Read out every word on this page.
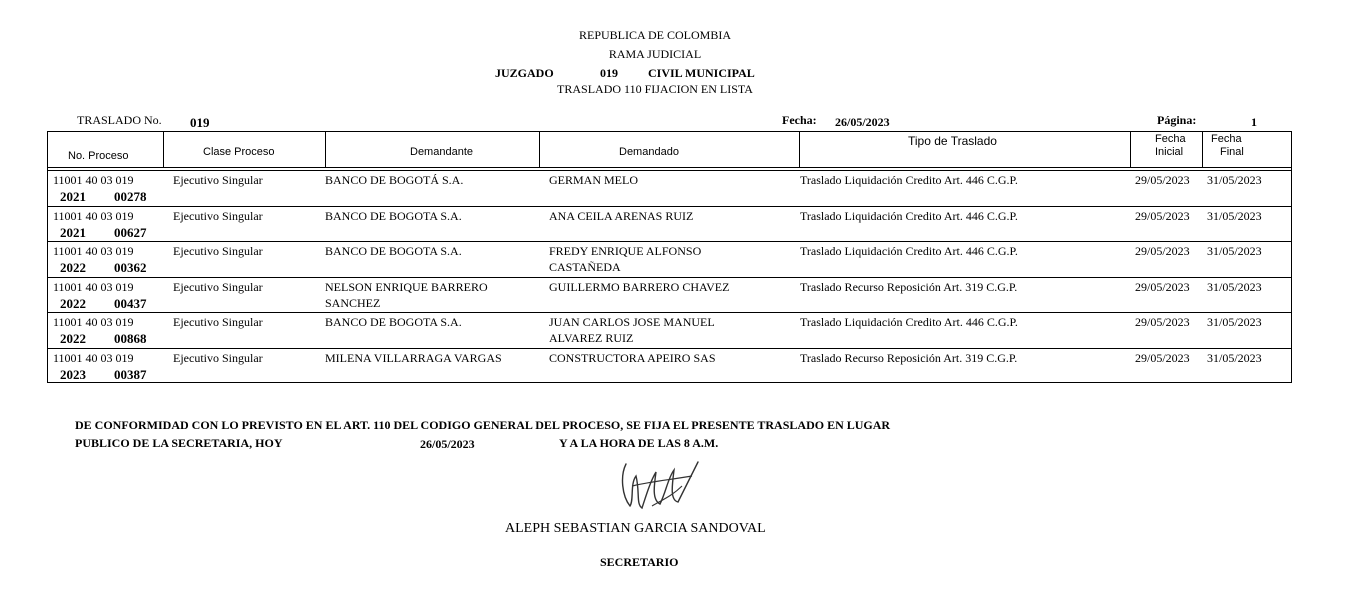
REPUBLICA DE COLOMBIA
RAMA JUDICIAL
JUZGADO	019	CIVIL MUNICIPAL
TRASLADO 110 FIJACION EN LISTA
TRASLADO No. 019	Fecha: 26/05/2023	Página:	1
No. Proceso	Clase Proceso	Demandante	Demandado
Tipo de Traslado	Fecha
Inicial
Fecha
Final
11001 40 03 019
2021 00278
Ejecutivo Singular	BANCO DE BOGOTÁ S.A.	GERMAN MELO	Traslado Liquidación Credito Art. 446 C.G.P.	29/05/2023 31/05/2023
11001 40 03 019
2021 00627
Ejecutivo Singular	BANCO DE BOGOTA S.A.	ANA CEILA ARENAS RUIZ	Traslado Liquidación Credito Art. 446 C.G.P.	29/05/2023 31/05/2023
11001 40 03 019
2022 00362
Ejecutivo Singular	BANCO DE BOGOTA S.A.	FREDY ENRIQUE ALFONSO
CASTAÑEDA
Traslado Liquidación Credito Art. 446 C.G.P.	29/05/2023 31/05/2023
11001 40 03 019
2022 00437
Ejecutivo Singular	NELSON ENRIQUE BARRERO
SANCHEZ
GUILLERMO BARRERO CHAVEZ	Traslado Recurso Reposición Art. 319 C.G.P.	29/05/2023 31/05/2023
11001 40 03 019
2022 00868
Ejecutivo Singular	BANCO DE BOGOTA S.A.	JUAN CARLOS JOSE MANUEL
ALVAREZ RUIZ
Traslado Liquidación Credito Art. 446 C.G.P.	29/05/2023 31/05/2023
11001 40 03 019
2023 00387
Ejecutivo Singular	MILENA VILLARRAGA VARGAS	CONSTRUCTORA APEIRO SAS	Traslado Recurso Reposición Art. 319 C.G.P.	29/05/2023 31/05/2023
DE CONFORMIDAD CON LO PREVISTO EN EL ART. 110 DEL CODIGO GENERAL DEL PROCESO, SE FIJA EL PRESENTE TRASLADO EN LUGAR
PUBLICO DE LA SECRETARIA, HOY	26/05/2023	Y A LA HORA DE LAS 8 A.M.
ALEPH SEBASTIAN GARCIA SANDOVAL
SECRETARIO
